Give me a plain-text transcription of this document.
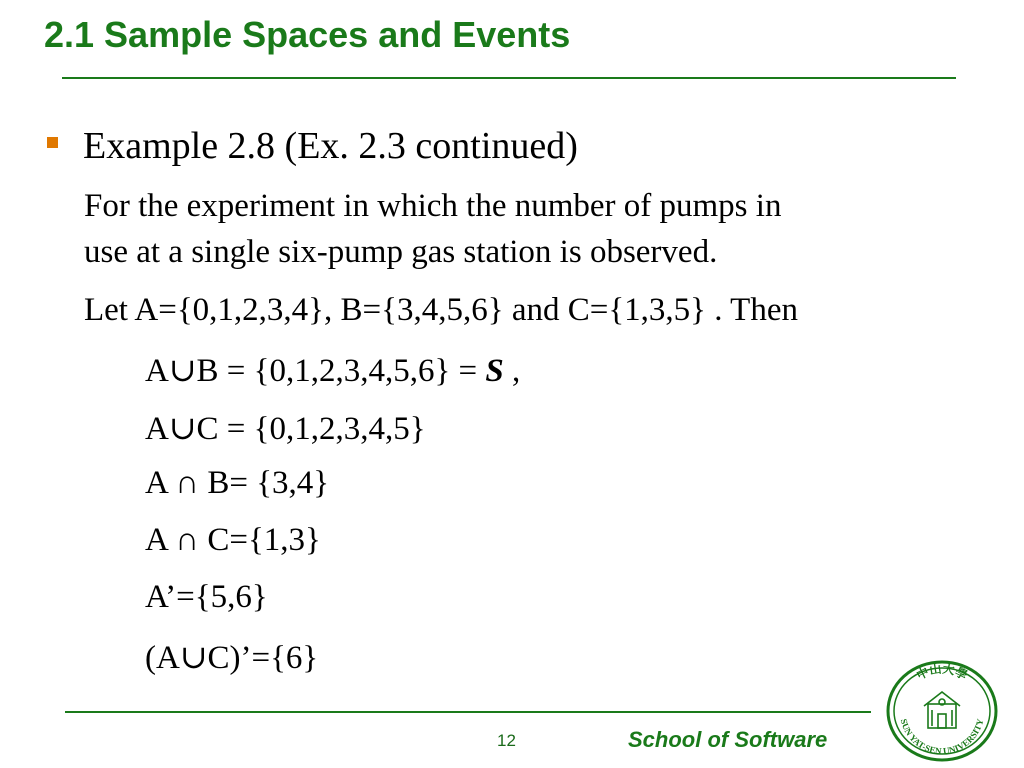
2.1 Sample Spaces and Events
Example 2.8 (Ex. 2.3 continued)
For the experiment in which the number of pumps in
use at a single six-pump gas station is observed.
Let A={0,1,2,3,4}, B={3,4,5,6} and C={1,3,5} . Then
A∪B = {0,1,2,3,4,5,6} = S ,
A∪C = {0,1,2,3,4,5}
A ∩ B= {3,4}
A ∩ C={1,3}
A’={5,6}
(A∪C)’={6}
12	School of Software
中山大學
SUN YAT-SEN UNIVERSITY
